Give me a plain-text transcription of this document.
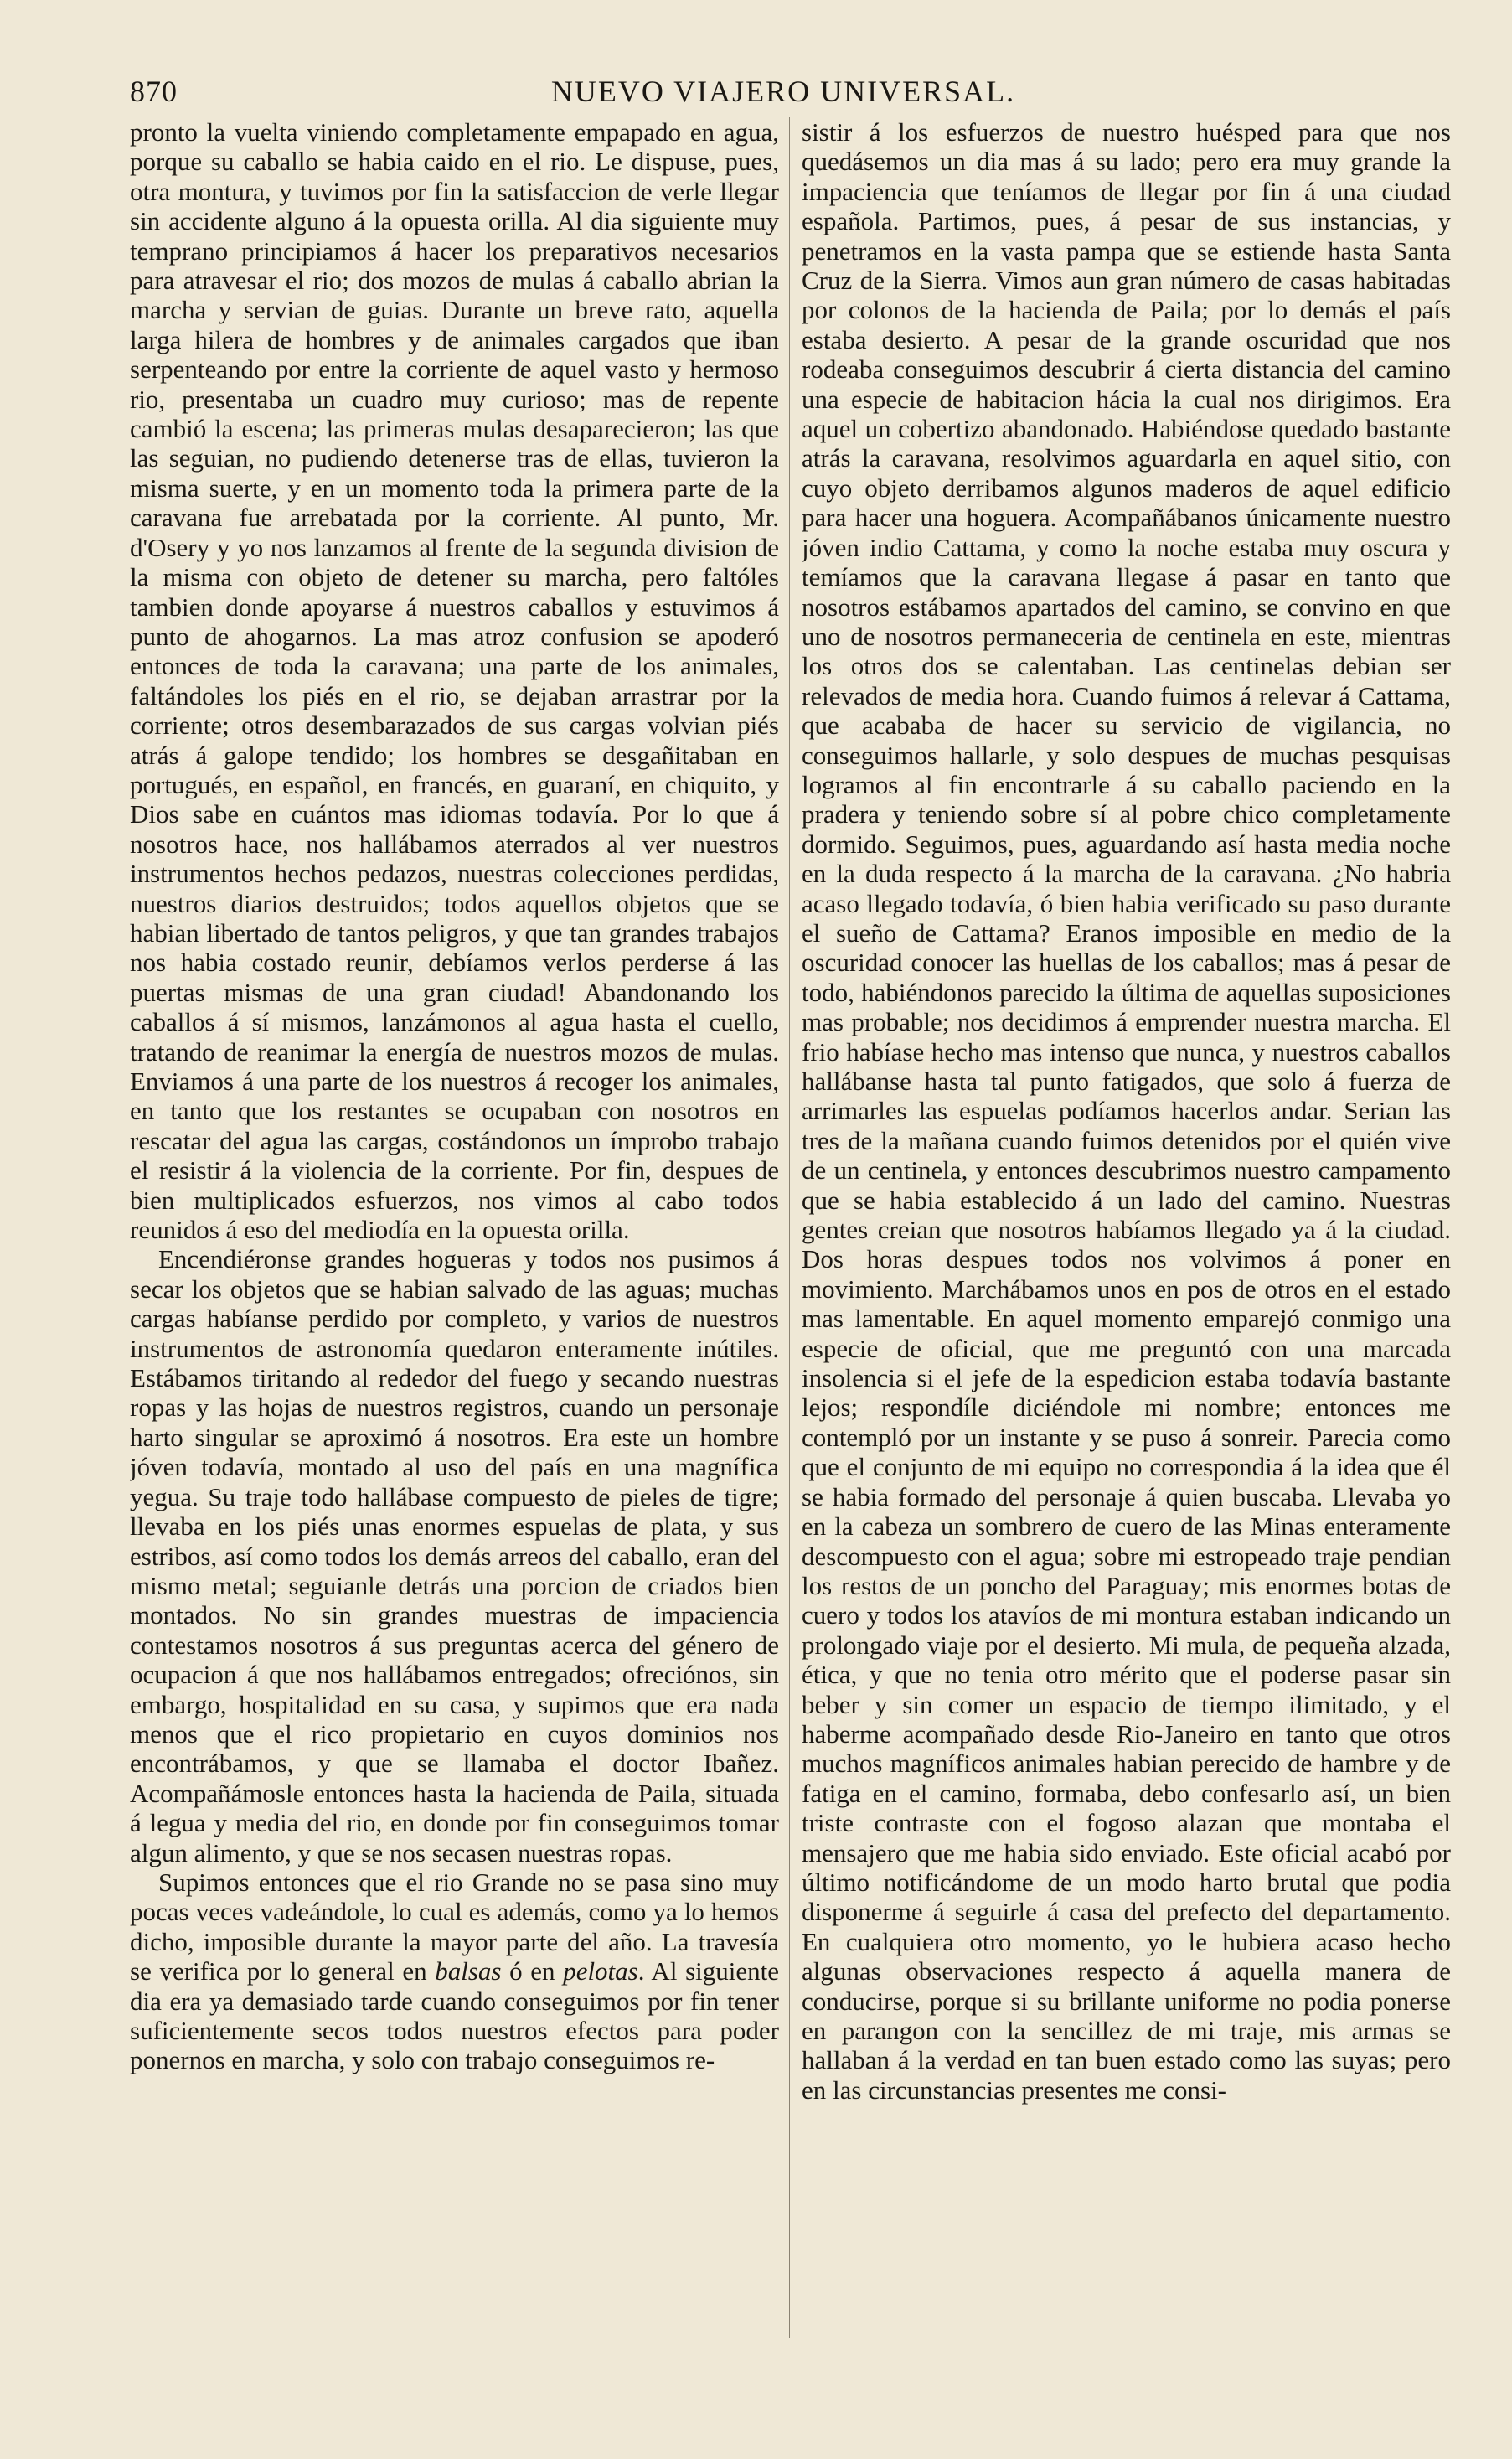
870	NUEVO VIAJERO UNIVERSAL.

pronto la vuelta viniendo completamente empapado en agua, porque su caballo se habia caido en el rio. Le dispuse, pues, otra montura, y tuvimos por fin la satisfaccion de verle llegar sin accidente alguno á la opuesta orilla. Al dia siguiente muy temprano principiamos á hacer los preparativos necesarios para atravesar el rio; dos mozos de mulas á caballo abrian la marcha y servian de guias. Durante un breve rato, aquella larga hilera de hombres y de animales cargados que iban serpenteando por entre la corriente de aquel vasto y hermoso rio, presentaba un cuadro muy curioso; mas de repente cambió la escena; las primeras mulas desaparecieron; las que las seguian, no pudiendo detenerse tras de ellas, tuvieron la misma suerte, y en un momento toda la primera parte de la caravana fue arrebatada por la corriente. Al punto, Mr. d'Osery y yo nos lanzamos al frente de la segunda division de la misma con objeto de detener su marcha, pero faltóles tambien donde apoyarse á nuestros caballos y estuvimos á punto de ahogarnos. La mas atroz confusion se apoderó entonces de toda la caravana; una parte de los animales, faltándoles los piés en el rio, se dejaban arrastrar por la corriente; otros desembarazados de sus cargas volvian piés atrás á galope tendido; los hombres se desgañitaban en portugués, en español, en francés, en guaraní, en chiquito, y Dios sabe en cuántos mas idiomas todavía. Por lo que á nosotros hace, nos hallábamos aterrados al ver nuestros instrumentos hechos pedazos, nuestras colecciones perdidas, nuestros diarios destruidos; todos aquellos objetos que se habian libertado de tantos peligros, y que tan grandes trabajos nos habia costado reunir, debíamos verlos perderse á las puertas mismas de una gran ciudad! Abandonando los caballos á sí mismos, lanzámonos al agua hasta el cuello, tratando de reanimar la energía de nuestros mozos de mulas. Enviamos á una parte de los nuestros á recoger los animales, en tanto que los restantes se ocupaban con nosotros en rescatar del agua las cargas, costándonos un ímprobo trabajo el resistir á la violencia de la corriente. Por fin, despues de bien multiplicados esfuerzos, nos vimos al cabo todos reunidos á eso del mediodía en la opuesta orilla.

Encendiéronse grandes hogueras y todos nos pusimos á secar los objetos que se habian salvado de las aguas; muchas cargas habíanse perdido por completo, y varios de nuestros instrumentos de astronomía quedaron enteramente inútiles. Estábamos tiritando al rededor del fuego y secando nuestras ropas y las hojas de nuestros registros, cuando un personaje harto singular se aproximó á nosotros. Era este un hombre jóven todavía, montado al uso del país en una magnífica yegua. Su traje todo hallábase compuesto de pieles de tigre; llevaba en los piés unas enormes espuelas de plata, y sus estribos, así como todos los demás arreos del caballo, eran del mismo metal; seguianle detrás una porcion de criados bien montados. No sin grandes muestras de impaciencia contestamos nosotros á sus preguntas acerca del género de ocupacion á que nos hallábamos entregados; ofreciónos, sin embargo, hospitalidad en su casa, y supimos que era nada menos que el rico propietario en cuyos dominios nos encontrábamos, y que se llamaba el doctor Ibañez. Acompañámosle entonces hasta la hacienda de Paila, situada á legua y media del rio, en donde por fin conseguimos tomar algun alimento, y que se nos secasen nuestras ropas.

Supimos entonces que el rio Grande no se pasa sino muy pocas veces vadeándole, lo cual es además, como ya lo hemos dicho, imposible durante la mayor parte del año. La travesía se verifica por lo general en balsas ó en pelotas. Al siguiente dia era ya demasiado tarde cuando conseguimos por fin tener suficientemente secos todos nuestros efectos para poder ponernos en marcha, y solo con trabajo conseguimos re-

sistir á los esfuerzos de nuestro huésped para que nos quedásemos un dia mas á su lado; pero era muy grande la impaciencia que teníamos de llegar por fin á una ciudad española. Partimos, pues, á pesar de sus instancias, y penetramos en la vasta pampa que se estiende hasta Santa Cruz de la Sierra. Vimos aun gran número de casas habitadas por colonos de la hacienda de Paila; por lo demás el país estaba desierto. A pesar de la grande oscuridad que nos rodeaba conseguimos descubrir á cierta distancia del camino una especie de habitacion hácia la cual nos dirigimos. Era aquel un cobertizo abandonado. Habiéndose quedado bastante atrás la caravana, resolvimos aguardarla en aquel sitio, con cuyo objeto derribamos algunos maderos de aquel edificio para hacer una hoguera. Acompañábanos únicamente nuestro jóven indio Cattama, y como la noche estaba muy oscura y temíamos que la caravana llegase á pasar en tanto que nosotros estábamos apartados del camino, se convino en que uno de nosotros permaneceria de centinela en este, mientras los otros dos se calentaban. Las centinelas debian ser relevados de media hora. Cuando fuimos á relevar á Cattama, que acababa de hacer su servicio de vigilancia, no conseguimos hallarle, y solo despues de muchas pesquisas logramos al fin encontrarle á su caballo paciendo en la pradera y teniendo sobre sí al pobre chico completamente dormido. Seguimos, pues, aguardando así hasta media noche en la duda respecto á la marcha de la caravana. ¿No habria acaso llegado todavía, ó bien habia verificado su paso durante el sueño de Cattama? Eranos imposible en medio de la oscuridad conocer las huellas de los caballos; mas á pesar de todo, habiéndonos parecido la última de aquellas suposiciones mas probable; nos decidimos á emprender nuestra marcha. El frio habíase hecho mas intenso que nunca, y nuestros caballos hallábanse hasta tal punto fatigados, que solo á fuerza de arrimarles las espuelas podíamos hacerlos andar. Serian las tres de la mañana cuando fuimos detenidos por el quién vive de un centinela, y entonces descubrimos nuestro campamento que se habia establecido á un lado del camino. Nuestras gentes creian que nosotros habíamos llegado ya á la ciudad. Dos horas despues todos nos volvimos á poner en movimiento. Marchábamos unos en pos de otros en el estado mas lamentable. En aquel momento emparejó conmigo una especie de oficial, que me preguntó con una marcada insolencia si el jefe de la espedicion estaba todavía bastante lejos; respondíle diciéndole mi nombre; entonces me contempló por un instante y se puso á sonreir. Parecia como que el conjunto de mi equipo no correspondia á la idea que él se habia formado del personaje á quien buscaba. Llevaba yo en la cabeza un sombrero de cuero de las Minas enteramente descompuesto con el agua; sobre mi estropeado traje pendian los restos de un poncho del Paraguay; mis enormes botas de cuero y todos los atavíos de mi montura estaban indicando un prolongado viaje por el desierto. Mi mula, de pequeña alzada, ética, y que no tenia otro mérito que el poderse pasar sin beber y sin comer un espacio de tiempo ilimitado, y el haberme acompañado desde Rio-Janeiro en tanto que otros muchos magníficos animales habian perecido de hambre y de fatiga en el camino, formaba, debo confesarlo así, un bien triste contraste con el fogoso alazan que montaba el mensajero que me habia sido enviado. Este oficial acabó por último notificándome de un modo harto brutal que podia disponerme á seguirle á casa del prefecto del departamento. En cualquiera otro momento, yo le hubiera acaso hecho algunas observaciones respecto á aquella manera de conducirse, porque si su brillante uniforme no podia ponerse en parangon con la sencillez de mi traje, mis armas se hallaban á la verdad en tan buen estado como las suyas; pero en las circunstancias presentes me consi-
